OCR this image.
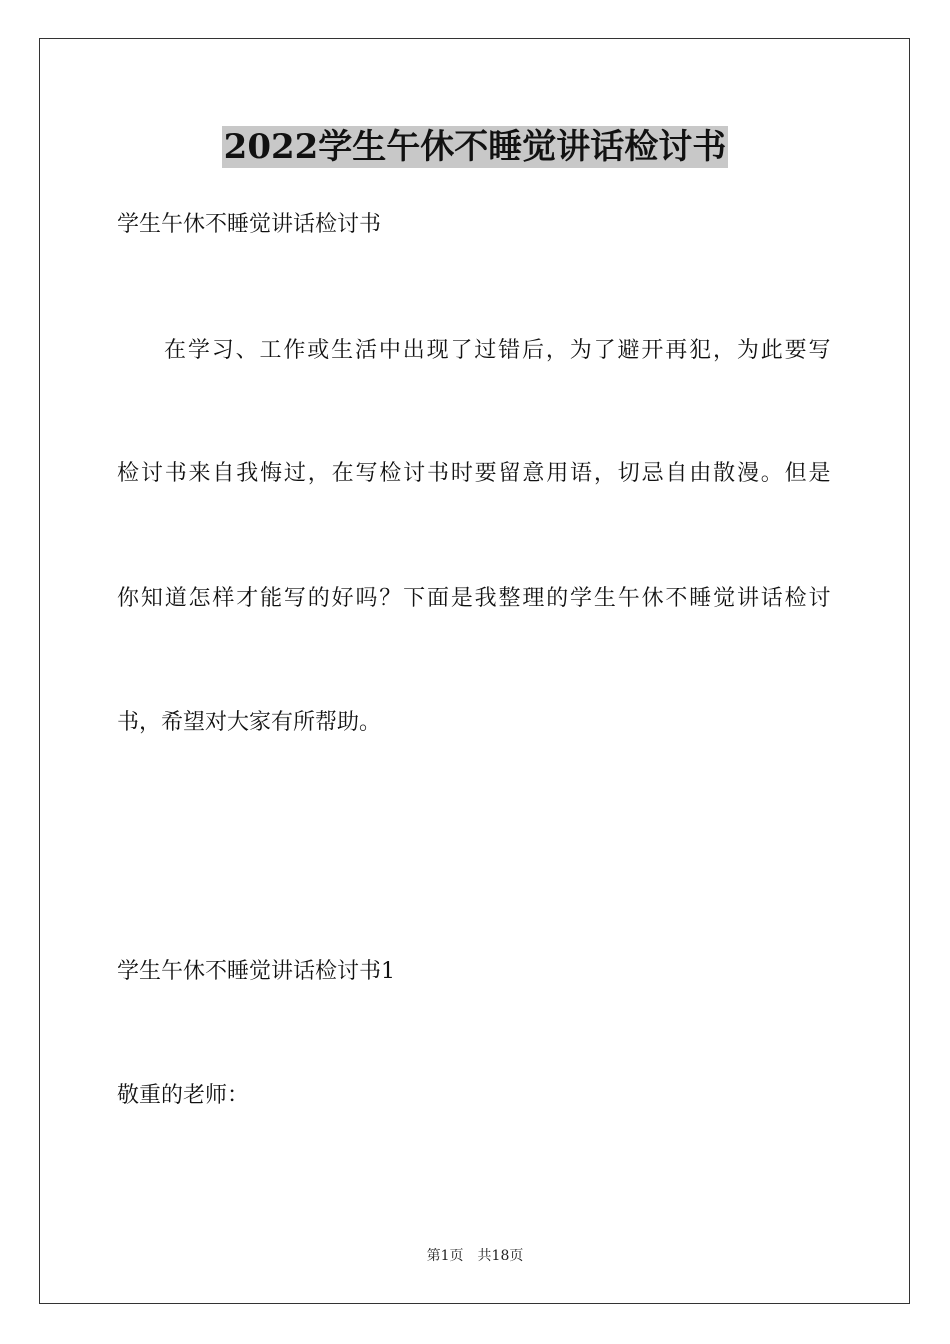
2022学生午休不睡觉讲话检讨书
学生午休不睡觉讲话检讨书
在学习、工作或生活中出现了过错后，为了避开再犯，为此要写
检讨书来自我悔过，在写检讨书时要留意用语，切忌自由散漫。但是
你知道怎样才能写的好吗？下面是我整理的学生午休不睡觉讲话检讨
书，希望对大家有所帮助。
学生午休不睡觉讲话检讨书1
敬重的老师：
第1页 共18页
